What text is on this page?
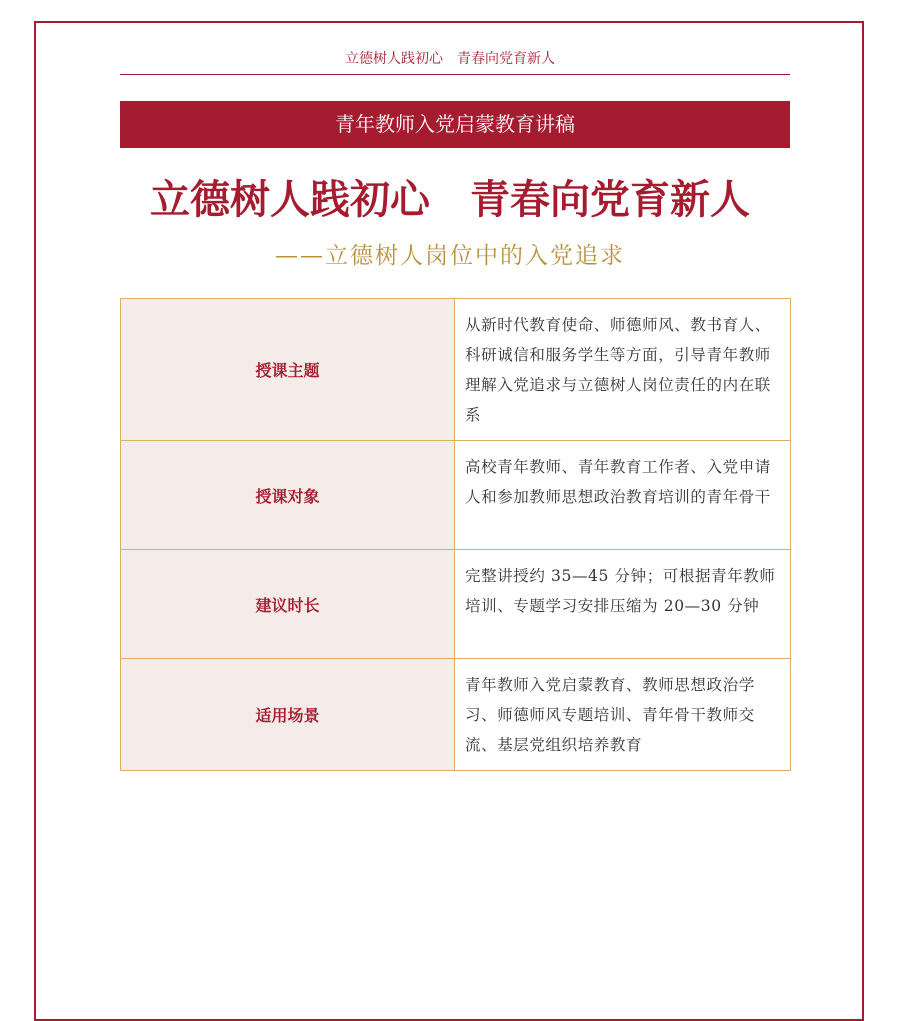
立德树人践初心　青春向党育新人
青年教师入党启蒙教育讲稿
立德树人践初心　青春向党育新人
——立德树人岗位中的入党追求
授课主题	从新时代教育使命、师德师风、教书育人、科研诚信和服务学生等方面，引导青年教师理解入党追求与立德树人岗位责任的内在联系
授课对象	高校青年教师、青年教育工作者、入党申请人和参加教师思想政治教育培训的青年骨干
建议时长	完整讲授约 35—45 分钟；可根据青年教师培训、专题学习安排压缩为 20—30 分钟
适用场景	青年教师入党启蒙教育、教师思想政治学习、师德师风专题培训、青年骨干教师交流、基层党组织培养教育
